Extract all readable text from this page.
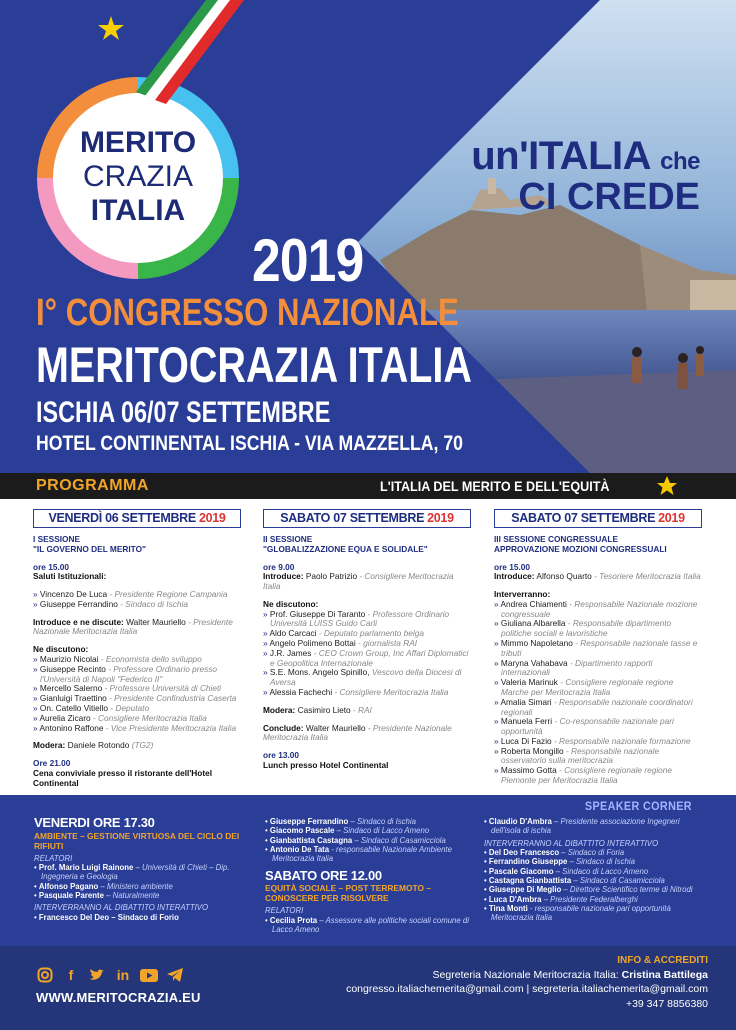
MERITO
CRAZIA
ITALIA
un'ITALIA che
CI CREDE
2019
I° CONGRESSO NAZIONALE
MERITOCRAZIA ITALIA
ISCHIA 06/07 SETTEMBRE
HOTEL CONTINENTAL ISCHIA - VIA MAZZELLA, 70
PROGRAMMA	L'ITALIA DEL MERITO E DELL'EQUITÀ
VENERDÌ 06 SETTEMBRE 2019
I SESSIONE
"IL GOVERNO DEL MERITO"
ore 15.00
Saluti Istituzionali:
» Vincenzo De Luca - Presidente Regione Campania
» Giuseppe Ferrandino - Sindaco di Ischia
Introduce e ne discute: Walter Mauriello - Presidente Nazionale Meritocrazia Italia
Ne discutono:
» Maurizio Nicolai - Economista dello sviluppo
» Giuseppe Recinto - Professore Ordinario presso l'Università di Napoli "Federico II"
» Mercello Salerno - Professore Università di Chieti
» Gianluigi Traettino - Presidente Confindustria Caserta
» On. Catello Vitiello - Deputato
» Aurelia Zicaro - Consigliere Meritocrazia Italia
» Antonino Raffone - Vice Presidente Meritocrazia Italia
Modera: Daniele Rotondo (TG2)
Ore 21.00
Cena conviviale presso il ristorante dell'Hotel Continental
SABATO 07 SETTEMBRE 2019
II SESSIONE
"GLOBALIZZAZIONE EQUA E SOLIDALE"
ore 9.00
Introduce: Paolo Patrizio - Consigliere Meritocrazia Italia
Ne discutono:
» Prof. Giuseppe Di Taranto - Professore Ordinario Università LUISS Guido Carli
» Aldo Carcaci - Deputato parlamento belga
» Angelo Polimeno Bottai - giornalista RAI
» J.R. James - CEO Crown Group, Inc Affari Diplomatici e Geopolitica Internazionale
» S.E. Mons. Angelo Spinillo, Vescovo della Diocesi di Aversa
» Alessia Fachechi - Consigliere Meritocrazia Italia
Modera: Casimiro Lieto - RAI
Conclude: Walter Mauriello - Presidente Nazionale Meritocrazia Italia
ore 13.00
Lunch presso Hotel Continental
SABATO 07 SETTEMBRE 2019
III SESSIONE CONGRESSUALE
APPROVAZIONE MOZIONI CONGRESSUALI
ore 15.00
Introduce: Alfonso Quarto - Tesoriere Meritocrazia Italia
Interverranno:
» Andrea Chiamenti - Responsabile Nazionale mozione congressuale
» Giuliana Albarella - Responsabile dipartimento politiche sociali e lavoristiche
» Mimmo Napoletano - Responsabile nazionale tasse e tributi
» Maryna Vahabava - Dipartimento rapporti internazionali
» Valeria Marinuk - Consigliere regionale regione Marche per Meritocrazia Italia
» Amalia Simari - Responsabile nazionale coordinatori regionali
» Manuela Ferri - Co-responsabile nazionale pari opportunità
» Luca Di Fazio - Responsabile nazionale formazione
» Roberta Mongillo - Responsabile nazionale osservatorio sulla meritocrazia
» Massimo Gotta - Consigliere regionale regione Piemonte per Meritocrazia Italia
SPEAKER CORNER
VENERDI ORE 17.30
AMBIENTE – GESTIONE VIRTUOSA DEL CICLO DEI RIFIUTI
RELATORI
• Prof. Mario Luigi Rainone – Università di Chieti – Dip. Ingegneria e Geologia
• Alfonso Pagano – Ministero ambiente
• Pasquale Parente – Naturalmente
INTERVERRANNO AL DIBATTITO INTERATTIVO
• Francesco Del Deo – Sindaco di Forio
• Giuseppe Ferrandino – Sindaco di Ischia
• Giacomo Pascale – Sindaco di Lacco Ameno
• Gianbattista Castagna – Sindaco di Casamicciola
• Antonio De Tata - responsabile Nazionale Ambiente Meritocrazia Italia
SABATO ORE 12.00
EQUITÀ SOCIALE – POST TERREMOTO – CONOSCERE PER RISOLVERE
RELATORI
• Cecilia Prota – Assessore alle politiche sociali comune di Lacco Ameno
• Claudio D'Ambra – Presidente associazione Ingegneri dell'isola di ischia
INTERVERRANNO AL DIBATTITO INTERATTIVO
• Del Deo Francesco – Sindaco di Foria
• Ferrandino Giuseppe – Sindaco di Ischia
• Pascale Giacomo – Sindaco di Lacco Ameno
• Castagna Gianbattista – Sindaco di Casamicciola
• Giuseppe Di Meglio – Direttore Scientifico terme di Nitrodi
• Luca D'Ambra – Presidente Federalberghi
• Tina Monti - responsabile nazionale pari opportunità Meritocrazia Italia
f	in
WWW.MERITOCRAZIA.EU
INFO & ACCREDITI
Segreteria Nazionale Meritocrazia Italia: Cristina Battilega
congresso.italiachemerita@gmail.com | segreteria.italiachemerita@gmail.com
+39 347 8856380
